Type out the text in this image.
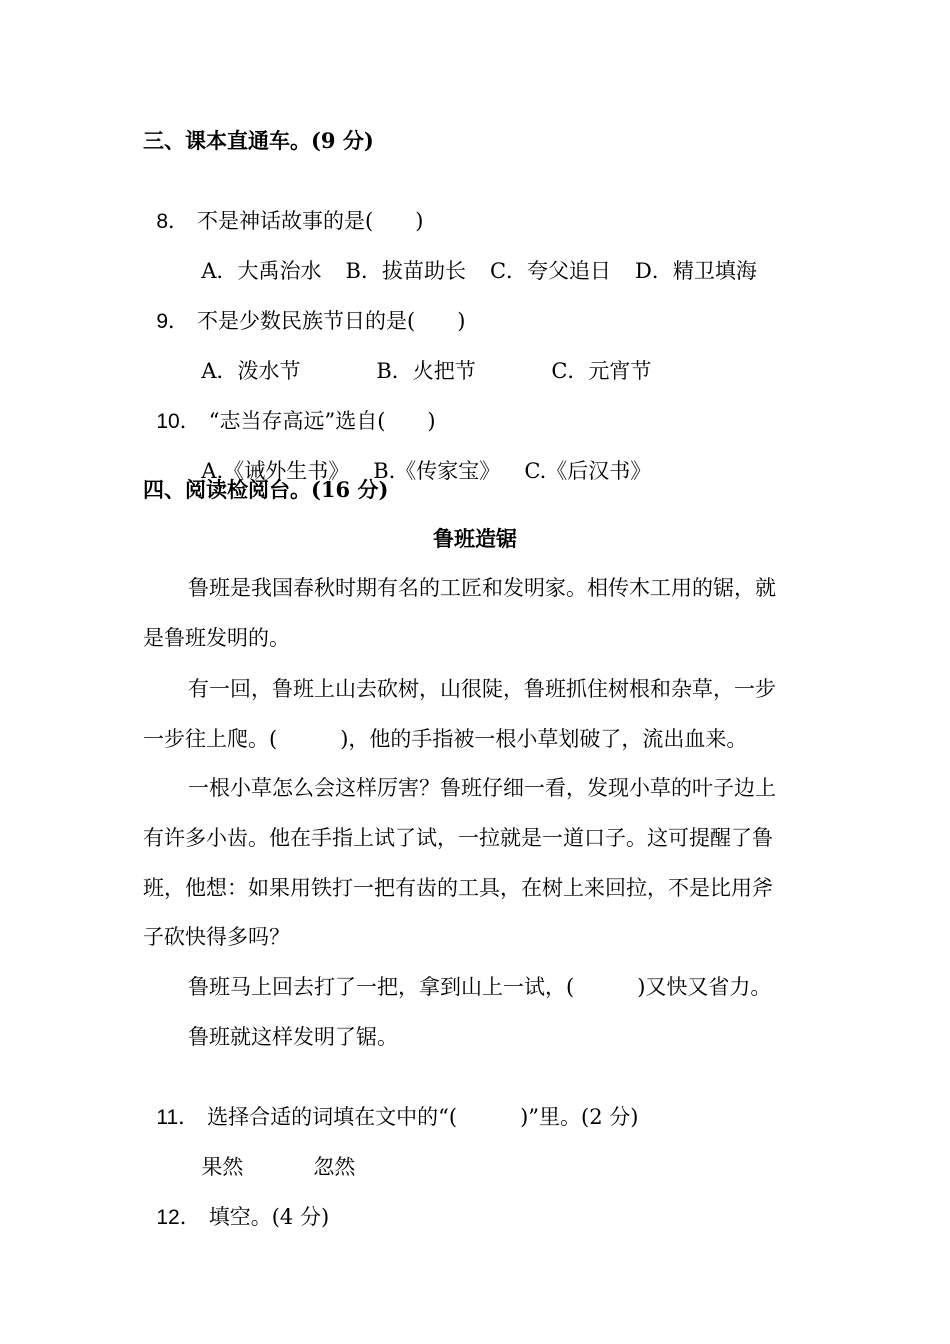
三、课本直通车。(9 分)

8． 不是神话故事的是(　　)

A．大禹治水 B．拔苗助长 C．夸父追日 D．精卫填海

9． 不是少数民族节日的是(　　)

A．泼水节	B．火把节	C．元宵节

10． “志当存高远”选自(　　)

A.《诫外生书》 B.《传家宝》 C.《后汉书》

四、阅读检阅台。(16 分)
鲁班造锯
鲁班是我国春秋时期有名的工匠和发明家。相传木工用的锯，就
是鲁班发明的。
有一回，鲁班上山去砍树，山很陡，鲁班抓住树根和杂草，一步
一步往上爬。(　　　)，他的手指被一根小草划破了，流出血来。
一根小草怎么会这样厉害？鲁班仔细一看，发现小草的叶子边上
有许多小齿。他在手指上试了试，一拉就是一道口子。这可提醒了鲁
班，他想：如果用铁打一把有齿的工具，在树上来回拉，不是比用斧
子砍快得多吗？
鲁班马上回去打了一把，拿到山上一试，(　　　)又快又省力。
鲁班就这样发明了锯。

11． 选择合适的词填在文中的“(　　　)”里。(2 分)

果然	忽然

12． 填空。(4 分)
